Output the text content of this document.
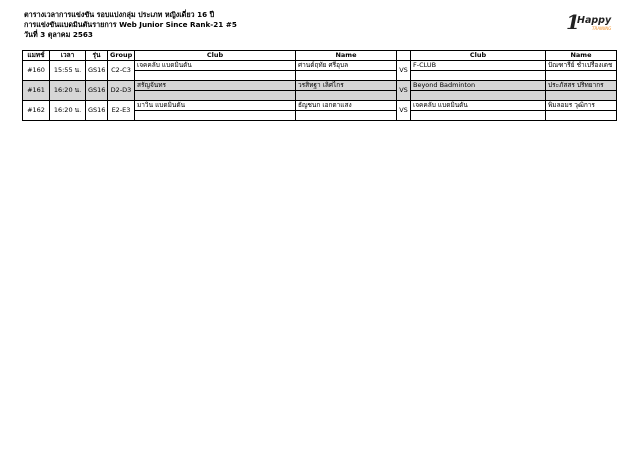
ตารางเวลาการแข่งขัน รอบแบ่งกลุ่ม ประเภท หญิงเดี่ยว 16 ปี
การแข่งขันแบดมินตันรายการ Web Junior Since Rank-21 #5
วันที่ 3 ตุลาคม 2563
1
Happy
TRAINING
แมทช์	เวลา	รุ่น	Group	Club	Name		Club	Name
#160	15:55 น.	GS16	C2-C3	เจคคลับ แบดมินตัน	ศานต์ฤทัย ศรีอุบล	VS	F-CLUB	ปัณฑารีย์ ชำเปรื่องเดช

#161	16:20 น.	GS16	D2-D3	สรัญจันทร	วรสิทฐา เลิศไกร	VS	Beyond Badminton	ประภัสสร ปริทยากร

#162	16:20 น.	GS16	E2-E3	มาวิน แบดมินตัน	ธัญชนก เอกตาแสง	VS	เจคคลับ แบดมินตัน	พิมลอมร วุฒิการ
